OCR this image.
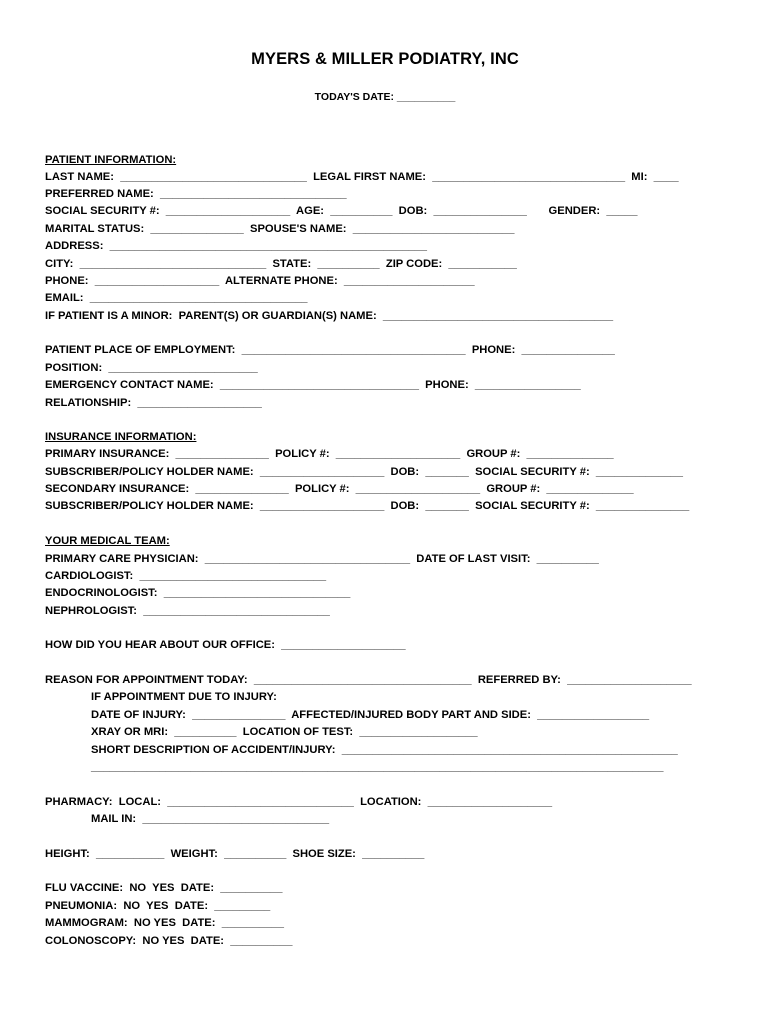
MYERS & MILLER PODIATRY, INC
TODAY'S DATE: __________
PATIENT INFORMATION:
LAST NAME:  ______________________________  LEGAL FIRST NAME:  _______________________________  MI:  ____
PREFERRED NAME:  ______________________________
SOCIAL SECURITY #:  ____________________  AGE:  __________  DOB:  _______________       GENDER:  _____
MARITAL STATUS:  _______________  SPOUSE'S NAME:  __________________________
ADDRESS:  ___________________________________________________
CITY:  ______________________________  STATE:  __________  ZIP CODE:  ___________
PHONE:  ____________________  ALTERNATE PHONE:  _____________________
EMAIL:  ___________________________________
IF PATIENT IS A MINOR:  PARENT(S) OR GUARDIAN(S) NAME:  _____________________________________
PATIENT PLACE OF EMPLOYMENT:  ____________________________________  PHONE:  _______________
POSITION:  ________________________
EMERGENCY CONTACT NAME:  ________________________________  PHONE:  _________________
RELATIONSHIP:  ____________________
INSURANCE INFORMATION:
PRIMARY INSURANCE:  _______________  POLICY #:  ____________________  GROUP #:  ______________
SUBSCRIBER/POLICY HOLDER NAME:  ____________________  DOB:  _______  SOCIAL SECURITY #:  ______________
SECONDARY INSURANCE:  _______________  POLICY #:  ____________________  GROUP #:  ______________
SUBSCRIBER/POLICY HOLDER NAME:  ____________________  DOB:  _______  SOCIAL SECURITY #:  _______________
YOUR MEDICAL TEAM:
PRIMARY CARE PHYSICIAN:  _________________________________  DATE OF LAST VISIT:  __________
CARDIOLOGIST:  ______________________________
ENDOCRINOLOGIST:  ______________________________
NEPHROLOGIST:  ______________________________
HOW DID YOU HEAR ABOUT OUR OFFICE:  ____________________
REASON FOR APPOINTMENT TODAY:  ___________________________________  REFERRED BY:  ____________________
IF APPOINTMENT DUE TO INJURY:
DATE OF INJURY:  _______________  AFFECTED/INJURED BODY PART AND SIDE:  __________________
XRAY OR MRI:  __________  LOCATION OF TEST:  ___________________
SHORT DESCRIPTION OF ACCIDENT/INJURY:  ______________________________________________________
____________________________________________________________________________________________
PHARMACY:  LOCAL:  ______________________________  LOCATION:  ____________________
MAIL IN:  ______________________________
HEIGHT:  ___________  WEIGHT:  __________  SHOE SIZE:  __________
FLU VACCINE:  NO  YES  DATE:  __________
PNEUMONIA:  NO  YES  DATE:  _________
MAMMOGRAM:  NO YES  DATE:  __________
COLONOSCOPY:  NO YES  DATE:  __________
